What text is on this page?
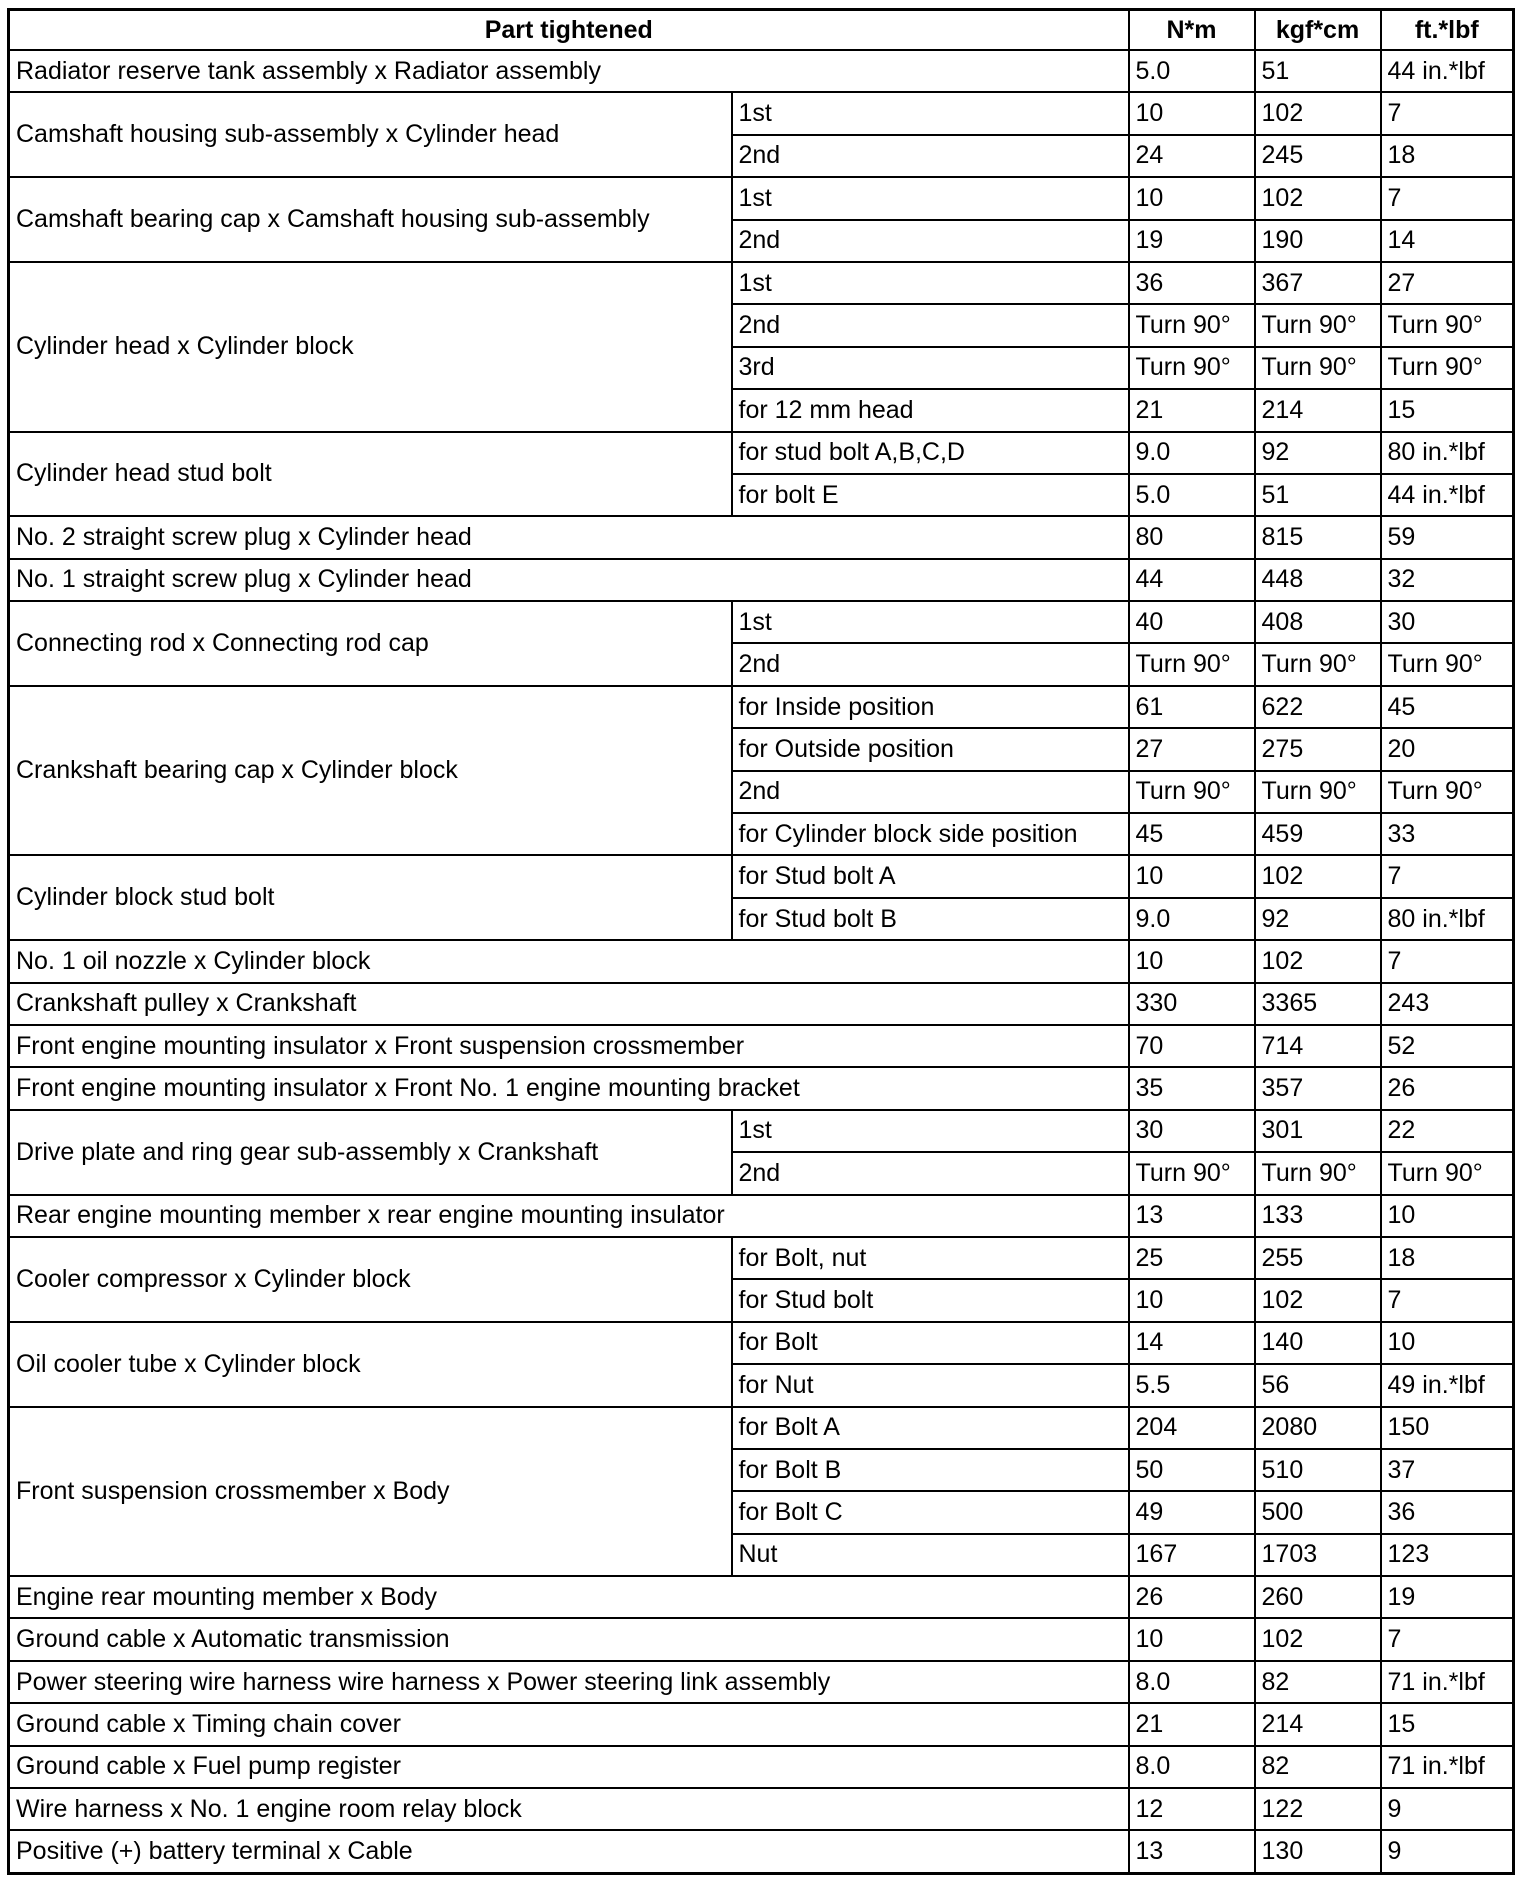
Part tightened		N*m	kgf*cm	ft.*lbf
Radiator reserve tank assembly x Radiator assembly		5.0	51	44 in.*lbf
Camshaft housing sub-assembly x Cylinder head	1st	10	102	7
	2nd	24	245	18
Camshaft bearing cap x Camshaft housing sub-assembly	1st	10	102	7
	2nd	19	190	14
Cylinder head x Cylinder block	1st	36	367	27
	2nd	Turn 90°	Turn 90°	Turn 90°
	3rd	Turn 90°	Turn 90°	Turn 90°
	for 12 mm head	21	214	15
Cylinder head stud bolt	for stud bolt A,B,C,D	9.0	92	80 in.*lbf
	for bolt E	5.0	51	44 in.*lbf
No. 2 straight screw plug x Cylinder head		80	815	59
No. 1 straight screw plug x Cylinder head		44	448	32
Connecting rod x Connecting rod cap	1st	40	408	30
	2nd	Turn 90°	Turn 90°	Turn 90°
Crankshaft bearing cap x Cylinder block	for Inside position	61	622	45
	for Outside position	27	275	20
	2nd	Turn 90°	Turn 90°	Turn 90°
	for Cylinder block side position	45	459	33
Cylinder block stud bolt	for Stud bolt A	10	102	7
	for Stud bolt B	9.0	92	80 in.*lbf
No. 1 oil nozzle x Cylinder block		10	102	7
Crankshaft pulley x Crankshaft		330	3365	243
Front engine mounting insulator x Front suspension crossmember		70	714	52
Front engine mounting insulator x Front No. 1 engine mounting bracket		35	357	26
Drive plate and ring gear sub-assembly x Crankshaft	1st	30	301	22
	2nd	Turn 90°	Turn 90°	Turn 90°
Rear engine mounting member x rear engine mounting insulator		13	133	10
Cooler compressor x Cylinder block	for Bolt, nut	25	255	18
	for Stud bolt	10	102	7
Oil cooler tube x Cylinder block	for Bolt	14	140	10
	for Nut	5.5	56	49 in.*lbf
Front suspension crossmember x Body	for Bolt A	204	2080	150
	for Bolt B	50	510	37
	for Bolt C	49	500	36
	Nut	167	1703	123
Engine rear mounting member x Body		26	260	19
Ground cable x Automatic transmission		10	102	7
Power steering wire harness wire harness x Power steering link assembly		8.0	82	71 in.*lbf
Ground cable x Timing chain cover		21	214	15
Ground cable x Fuel pump register		8.0	82	71 in.*lbf
Wire harness x No. 1 engine room relay block		12	122	9
Positive (+) battery terminal x Cable		13	130	9
